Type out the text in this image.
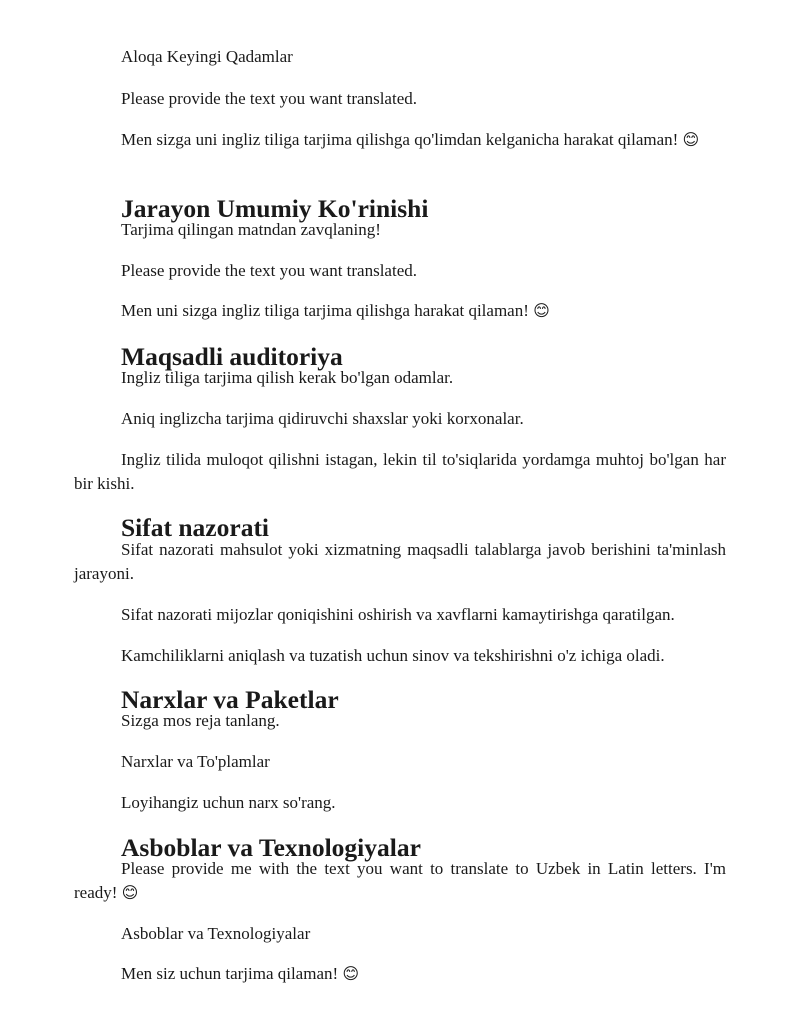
Aloqa Keyingi Qadamlar

Please provide the text you want translated.

Men sizga uni ingliz tiliga tarjima qilishga qo'limdan kelganicha harakat qilaman! 😊

Jarayon Umumiy Ko'rinishi

Tarjima qilingan matndan zavqlaning!

Please provide the text you want translated.

Men uni sizga ingliz tiliga tarjima qilishga harakat qilaman! 😊

Maqsadli auditoriya

Ingliz tiliga tarjima qilish kerak bo'lgan odamlar.

Aniq inglizcha tarjima qidiruvchi shaxslar yoki korxonalar.

Ingliz tilida muloqot qilishni istagan, lekin til to'siqlarida yordamga muhtoj bo'lgan har bir kishi.

Sifat nazorati

Sifat nazorati mahsulot yoki xizmatning maqsadli talablarga javob berishini ta'minlash jarayoni.

Sifat nazorati mijozlar qoniqishini oshirish va xavflarni kamaytirishga qaratilgan.

Kamchiliklarni aniqlash va tuzatish uchun sinov va tekshirishni o'z ichiga oladi.

Narxlar va Paketlar

Sizga mos reja tanlang.

Narxlar va To'plamlar

Loyihangiz uchun narx so'rang.

Asboblar va Texnologiyalar

Please provide me with the text you want to translate to Uzbek in Latin letters. I'm ready! 😊

Asboblar va Texnologiyalar

Men siz uchun tarjima qilaman! 😊
